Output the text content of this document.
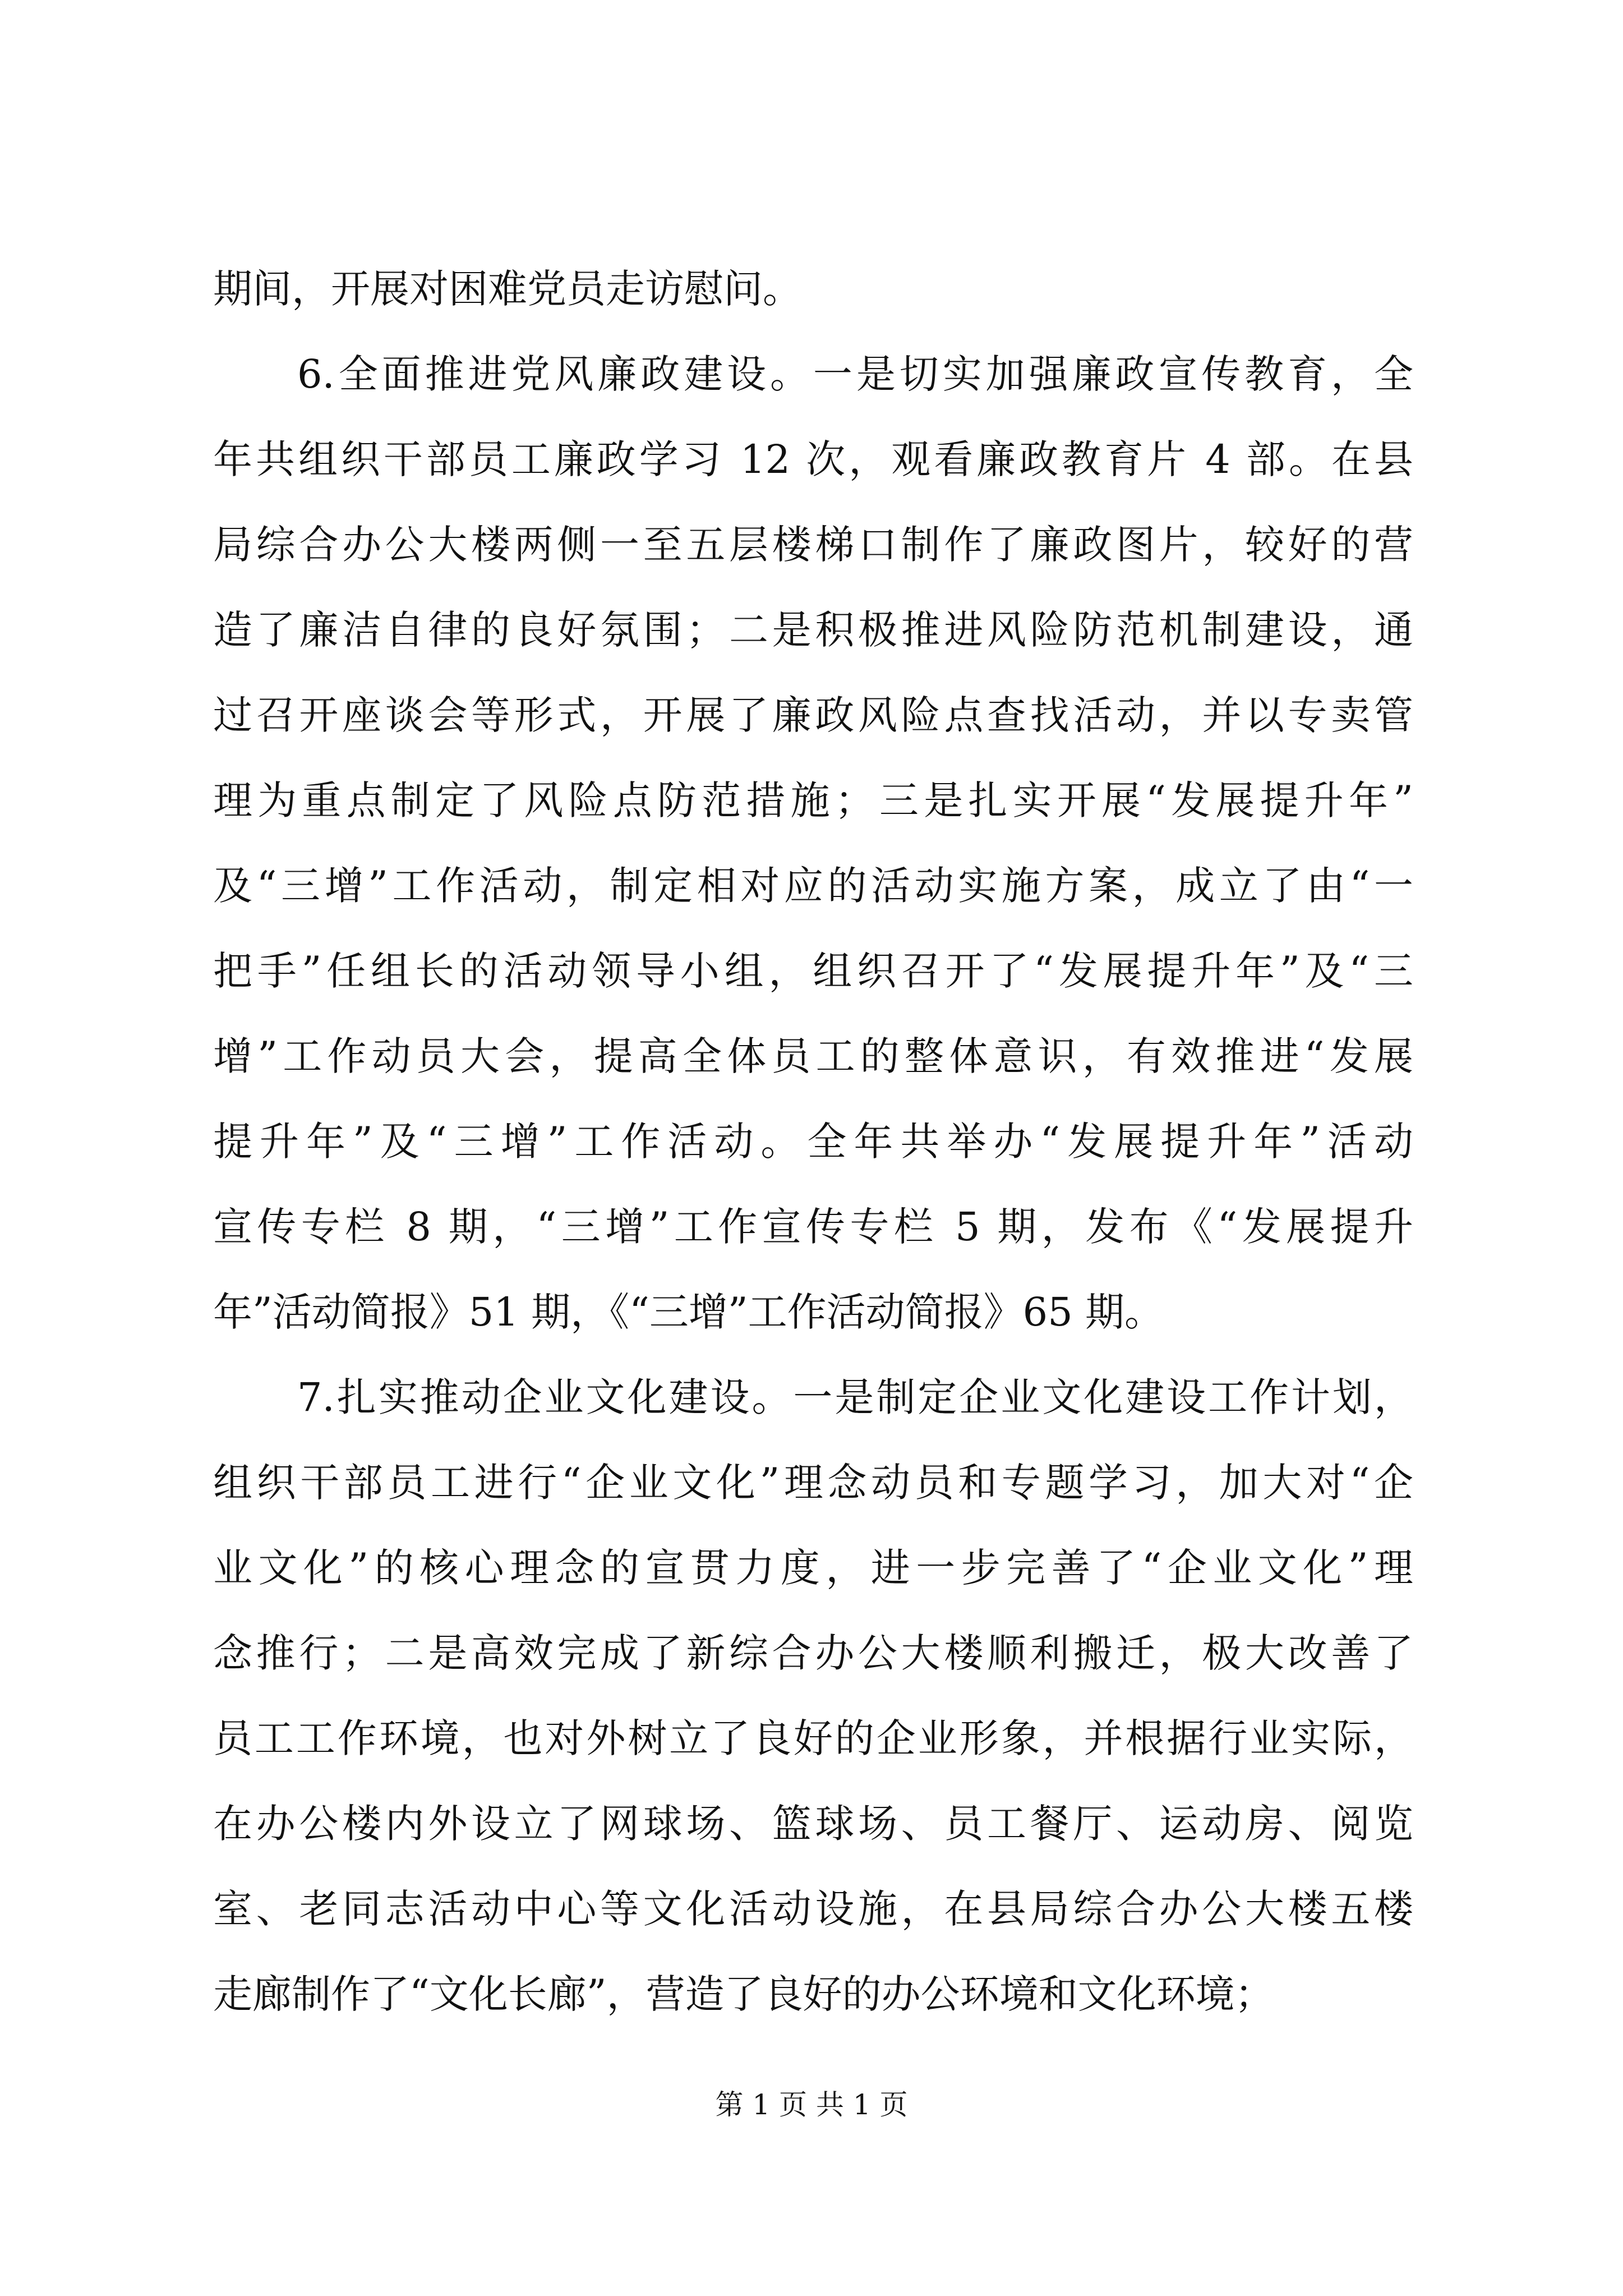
期间，开展对困难党员走访慰问。
6.全面推进党风廉政建设。一是切实加强廉政宣传教育，全
年共组织干部员工廉政学习 12 次，观看廉政教育片 4 部。在县
局综合办公大楼两侧一至五层楼梯口制作了廉政图片，较好的营
造了廉洁自律的良好氛围；二是积极推进风险防范机制建设，通
过召开座谈会等形式，开展了廉政风险点查找活动，并以专卖管
理为重点制定了风险点防范措施；三是扎实开展“发展提升年”
及“三增”工作活动，制定相对应的活动实施方案，成立了由“一
把手”任组长的活动领导小组，组织召开了“发展提升年”及“三
增”工作动员大会，提高全体员工的整体意识，有效推进“发展
提升年”及“三增”工作活动。全年共举办“发展提升年”活动
宣传专栏 8 期，“三增”工作宣传专栏 5 期，发布《“发展提升
年”活动简报》51 期，《“三增”工作活动简报》65 期。
7.扎实推动企业文化建设。一是制定企业文化建设工作计划，
组织干部员工进行“企业文化”理念动员和专题学习，加大对“企
业文化”的核心理念的宣贯力度，进一步完善了“企业文化”理
念推行；二是高效完成了新综合办公大楼顺利搬迁，极大改善了
员工工作环境，也对外树立了良好的企业形象，并根据行业实际，
在办公楼内外设立了网球场、篮球场、员工餐厅、运动房、阅览
室、老同志活动中心等文化活动设施，在县局综合办公大楼五楼
走廊制作了“文化长廊”，营造了良好的办公环境和文化环境；
第 1 页 共 1 页
